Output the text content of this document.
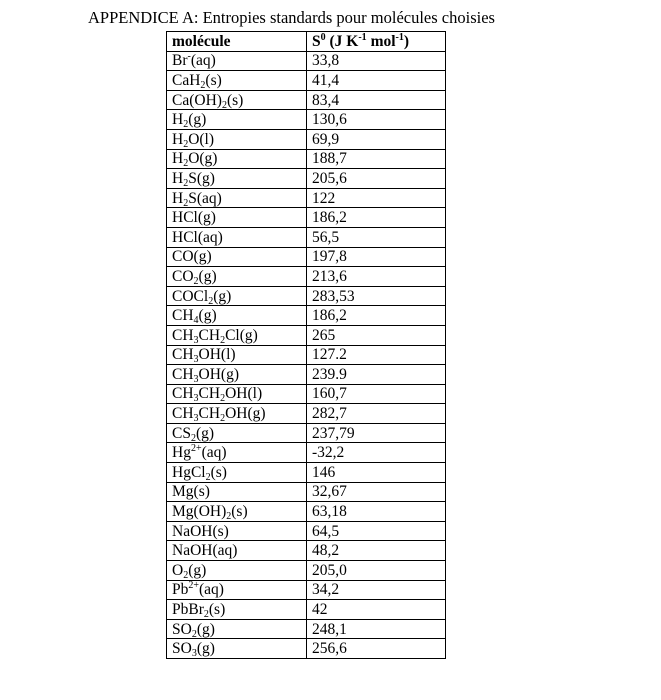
APPENDICE A: Entropies standards pour molécules choisies
molécule	$S^0$ (J $K^{-1}$ mol$^{-1}$)
Br-(aq)	33,8
CaH$_2$(s)	41,4
$Ca(OH)_2(s)$	83,4
$H_2(g)$	130,6
$H_2O(l)$	69,9
$H_2O(g)$	188,7
$H_2S(g)$	205,6
$H_2S(aq)$	122
HCl(g)	186,2
HCl(aq)	56,5
CO(g)	197,8
$CO_2(g)$	213,6
COCl$_2$(g)	283,53
$CH_4(g)$	186,2
$CH_3CH_2Cl(g)$	265
$CH_3OH(l)$	127.2
$CH_3OH(g)$	239.9
$CH_3CH_2OH(l)$	160,7
$CH_3CH_2OH(g)$	282,7
$CS_2(g)$	237,79
$Hg^{2+}(aq)$	-32,2
HgCl$_2$(s)	146
Mg(s)	32,67
$Mg(OH)_2(s)$	63,18
NaOH(s)	64,5
NaOH(aq)	48,2
$O_2(g)$	205,0
$Pb^{2+}(aq)$	34,2
PbBr$_2$(s)	42
$SO_2(g)$	248,1
$SO_3(g)$	256,6
